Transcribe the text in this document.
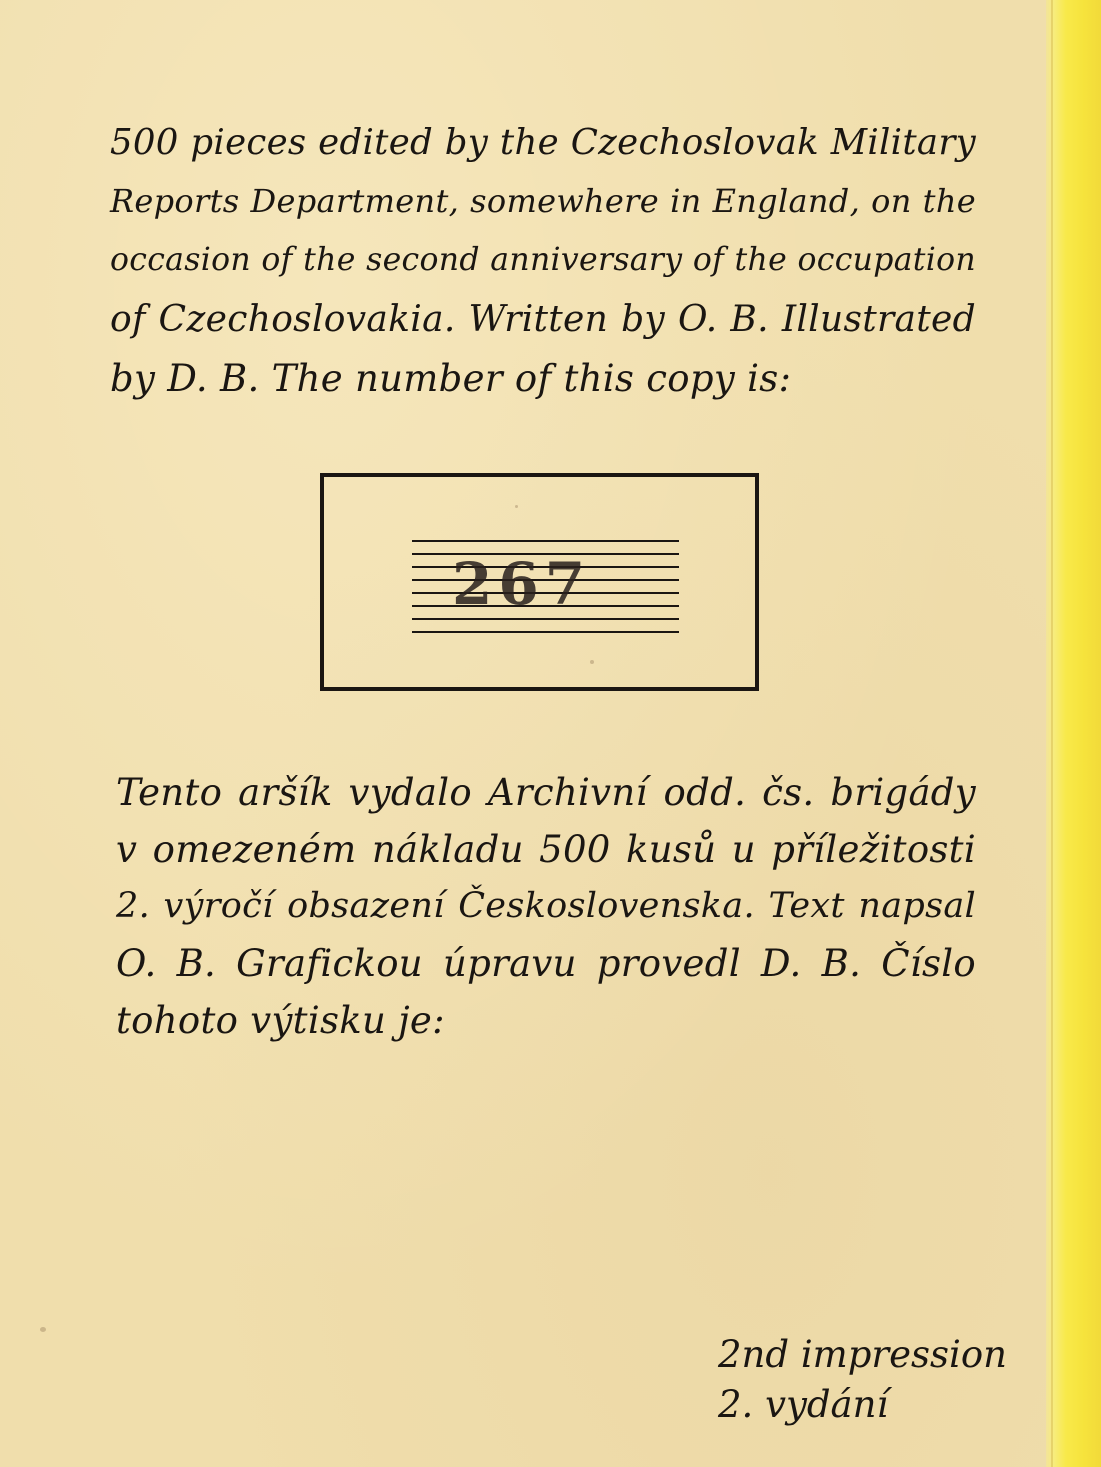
500 pieces edited by the Czechoslovak Military
Reports Department, somewhere in England, on the
occasion of the second anniversary of the occupation
of Czechoslovakia. Written by O. B. Illustrated
by D. B. The number of this copy is:
267
Tento aršík vydalo Archivní odd. čs. brigády
v omezeném nákladu 500 kusů u příležitosti
2. výročí obsazení Československa. Text napsal
O. B. Grafickou úpravu provedl D. B. Číslo
tohoto výtisku je:
2nd impression
2. vydání
